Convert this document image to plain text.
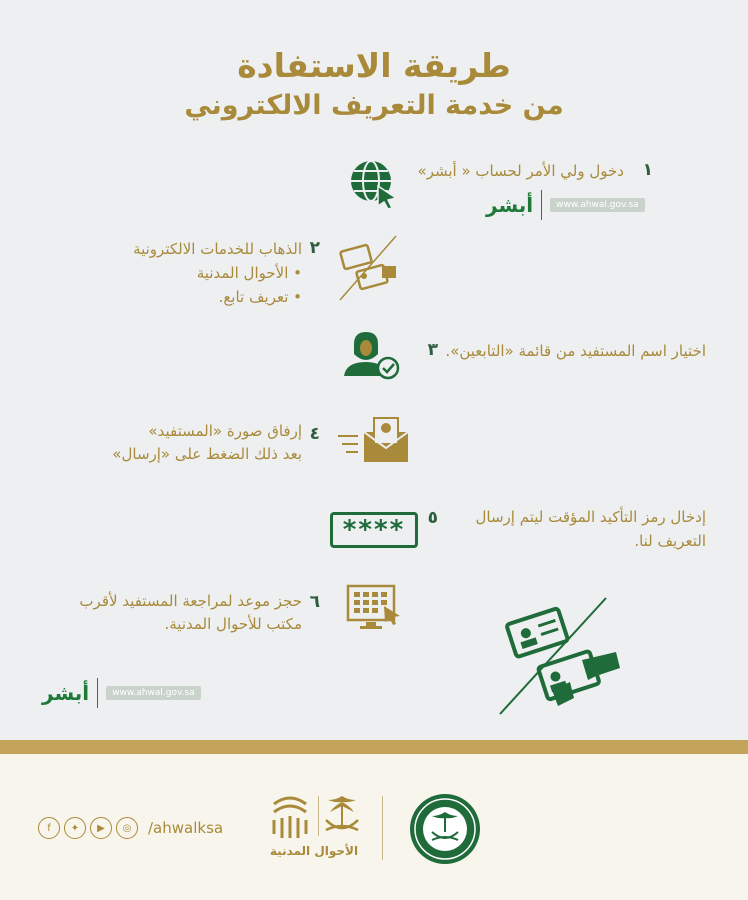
طريقة الاستفادة
من خدمة التعريف الالكتروني
١
دخول ولي الأمر لحساب « أبشر»
أبشر	www.ahwal.gov.sa
٢
الذهاب للخدمات الالكترونية
• الأحوال المدنية
• تعريف تابع.
٣ اختيار اسم المستفيد من قائمة «التابعين».
٤
إرفاق صورة «المستفيد»
بعد ذلك الضغط على «إرسال»
٥	إدخال رمز التأكيد المؤقت ليتم إرسال
التعريف لنا.
****
٦
حجز موعد لمراجعة المستفيد لأقرب
مكتب للأحوال المدنية.
أبشر	www.ahwal.gov.sa
f	✦	▶	◎	/ahwalksa
الأحوال المدنية
